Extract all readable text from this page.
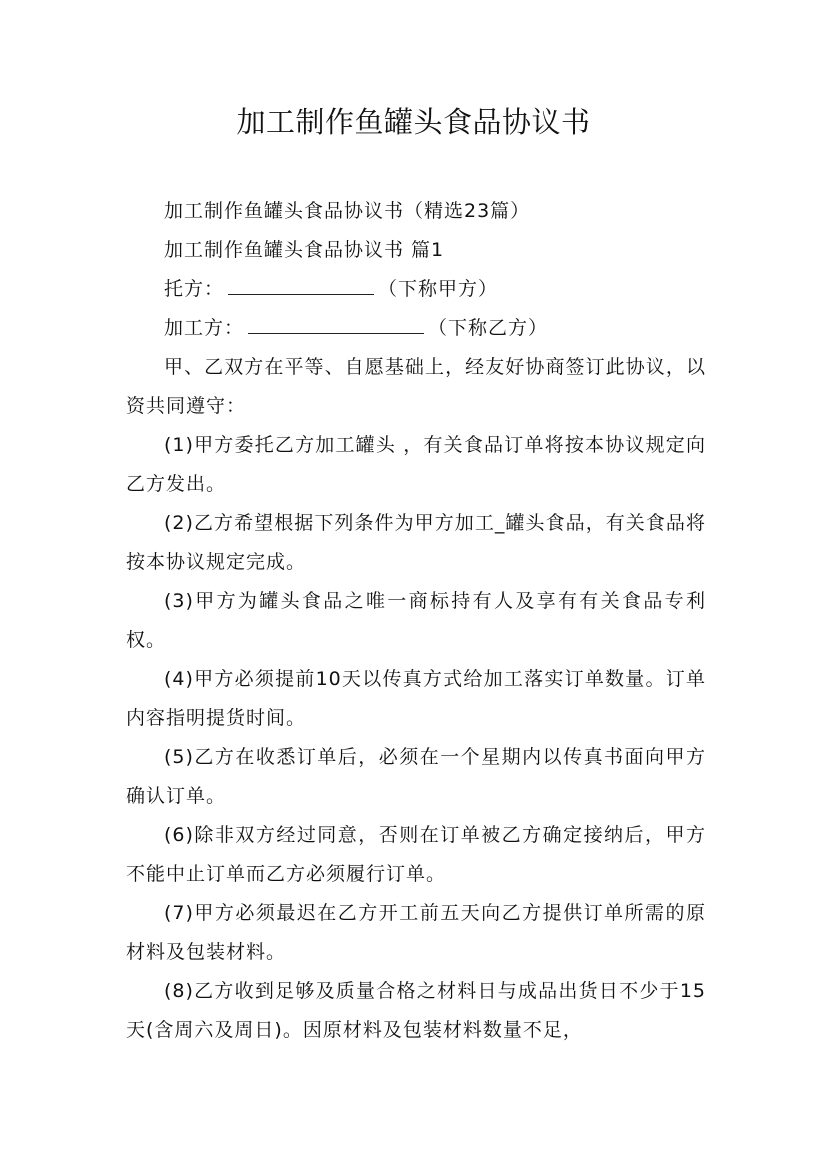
加工制作鱼罐头食品协议书

加工制作鱼罐头食品协议书（精选23篇）

加工制作鱼罐头食品协议书 篇1

托方：	（下称甲方）

加工方：	（下称乙方）

甲、乙双方在平等、自愿基础上，经友好协商签订此协议，以资共同遵守：

(1)甲方委托乙方加工罐头 ，有关食品订单将按本协议规定向乙方发出。

(2)乙方希望根据下列条件为甲方加工_罐头食品，有关食品将按本协议规定完成。

(3)甲方为罐头食品之唯一商标持有人及享有有关食品专利权。

(4)甲方必须提前10天以传真方式给加工落实订单数量。订单内容指明提货时间。

(5)乙方在收悉订单后，必须在一个星期内以传真书面向甲方确认订单。

(6)除非双方经过同意，否则在订单被乙方确定接纳后，甲方不能中止订单而乙方必须履行订单。

(7)甲方必须最迟在乙方开工前五天向乙方提供订单所需的原材料及包装材料。

(8)乙方收到足够及质量合格之材料日与成品出货日不少于15天(含周六及周日)。因原材料及包装材料数量不足，
